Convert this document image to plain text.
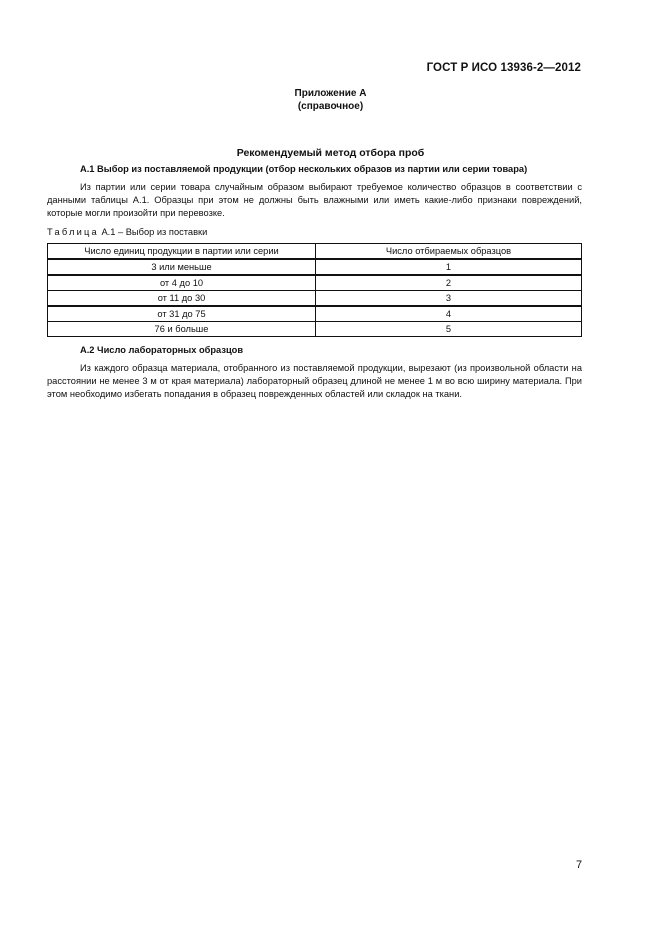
ГОСТ Р ИСО 13936-2—2012
Приложение А
(справочное)
Рекомендуемый метод отбора проб
А.1 Выбор из поставляемой продукции (отбор нескольких образов из партии или серии товара)
Из партии или серии товара случайным образом выбирают требуемое количество образцов в соответствии с данными таблицы А.1. Образцы при этом не должны быть влажными или иметь какие-либо признаки повреждений, которые могли произойти при перевозке.
Таблица А.1 – Выбор из поставки
Число единиц продукции в партии или серии	Число отбираемых образцов
3 или меньше	1
от 4 до 10	2
от 11 до 30	3
от 31 до 75	4
76 и больше	5
А.2 Число лабораторных образцов
Из каждого образца материала, отобранного из поставляемой продукции, вырезают (из произвольной области на расстоянии не менее 3 м от края материала) лабораторный образец длиной не менее 1 м во всю ширину материала. При этом необходимо избегать попадания в образец поврежденных областей или складок на ткани.
7
